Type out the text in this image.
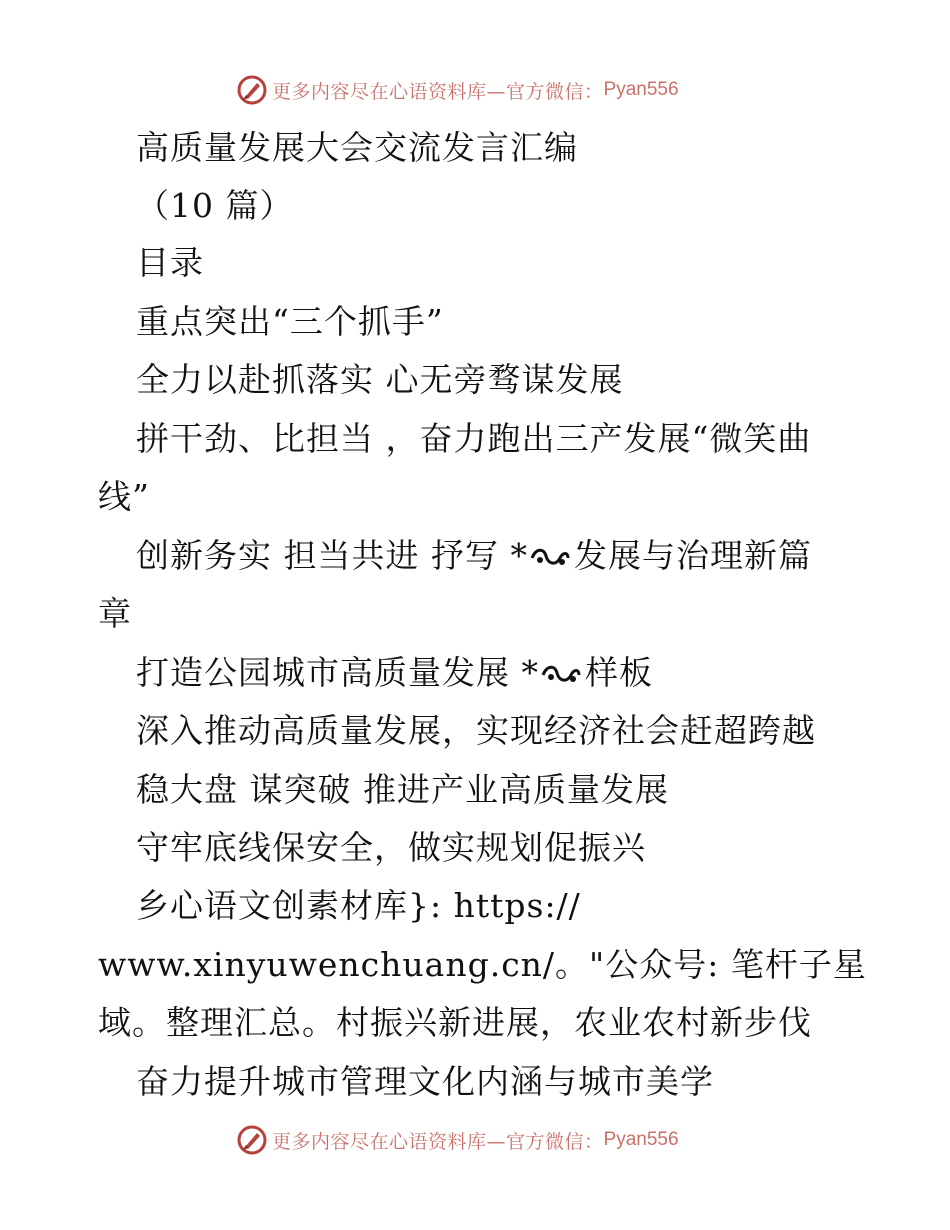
更多内容尽在心语资料库—官方微信： Pyan556
高质量发展大会交流发言汇编
（10 篇）
目录
重点突出“三个抓手”
全力以赴抓落实 心无旁骛谋发展
拼干劲、比担当 ，奋力跑出三产发展“微笑曲
线”
创新务实 担当共进 抒写 * 发展与治理新篇
章
打造公园城市高质量发展 * 样板
深入推动高质量发展，实现经济社会赶超跨越
稳大盘 谋突破 推进产业高质量发展
守牢底线保安全，做实规划促振兴
乡心语文创素材库}: https://
www.xinyuwenchuang.cn/。"公众号: 笔杆子星
域。整理汇总。村振兴新进展，农业农村新步伐
奋力提升城市管理文化内涵与城市美学
更多内容尽在心语资料库—官方微信： Pyan556
